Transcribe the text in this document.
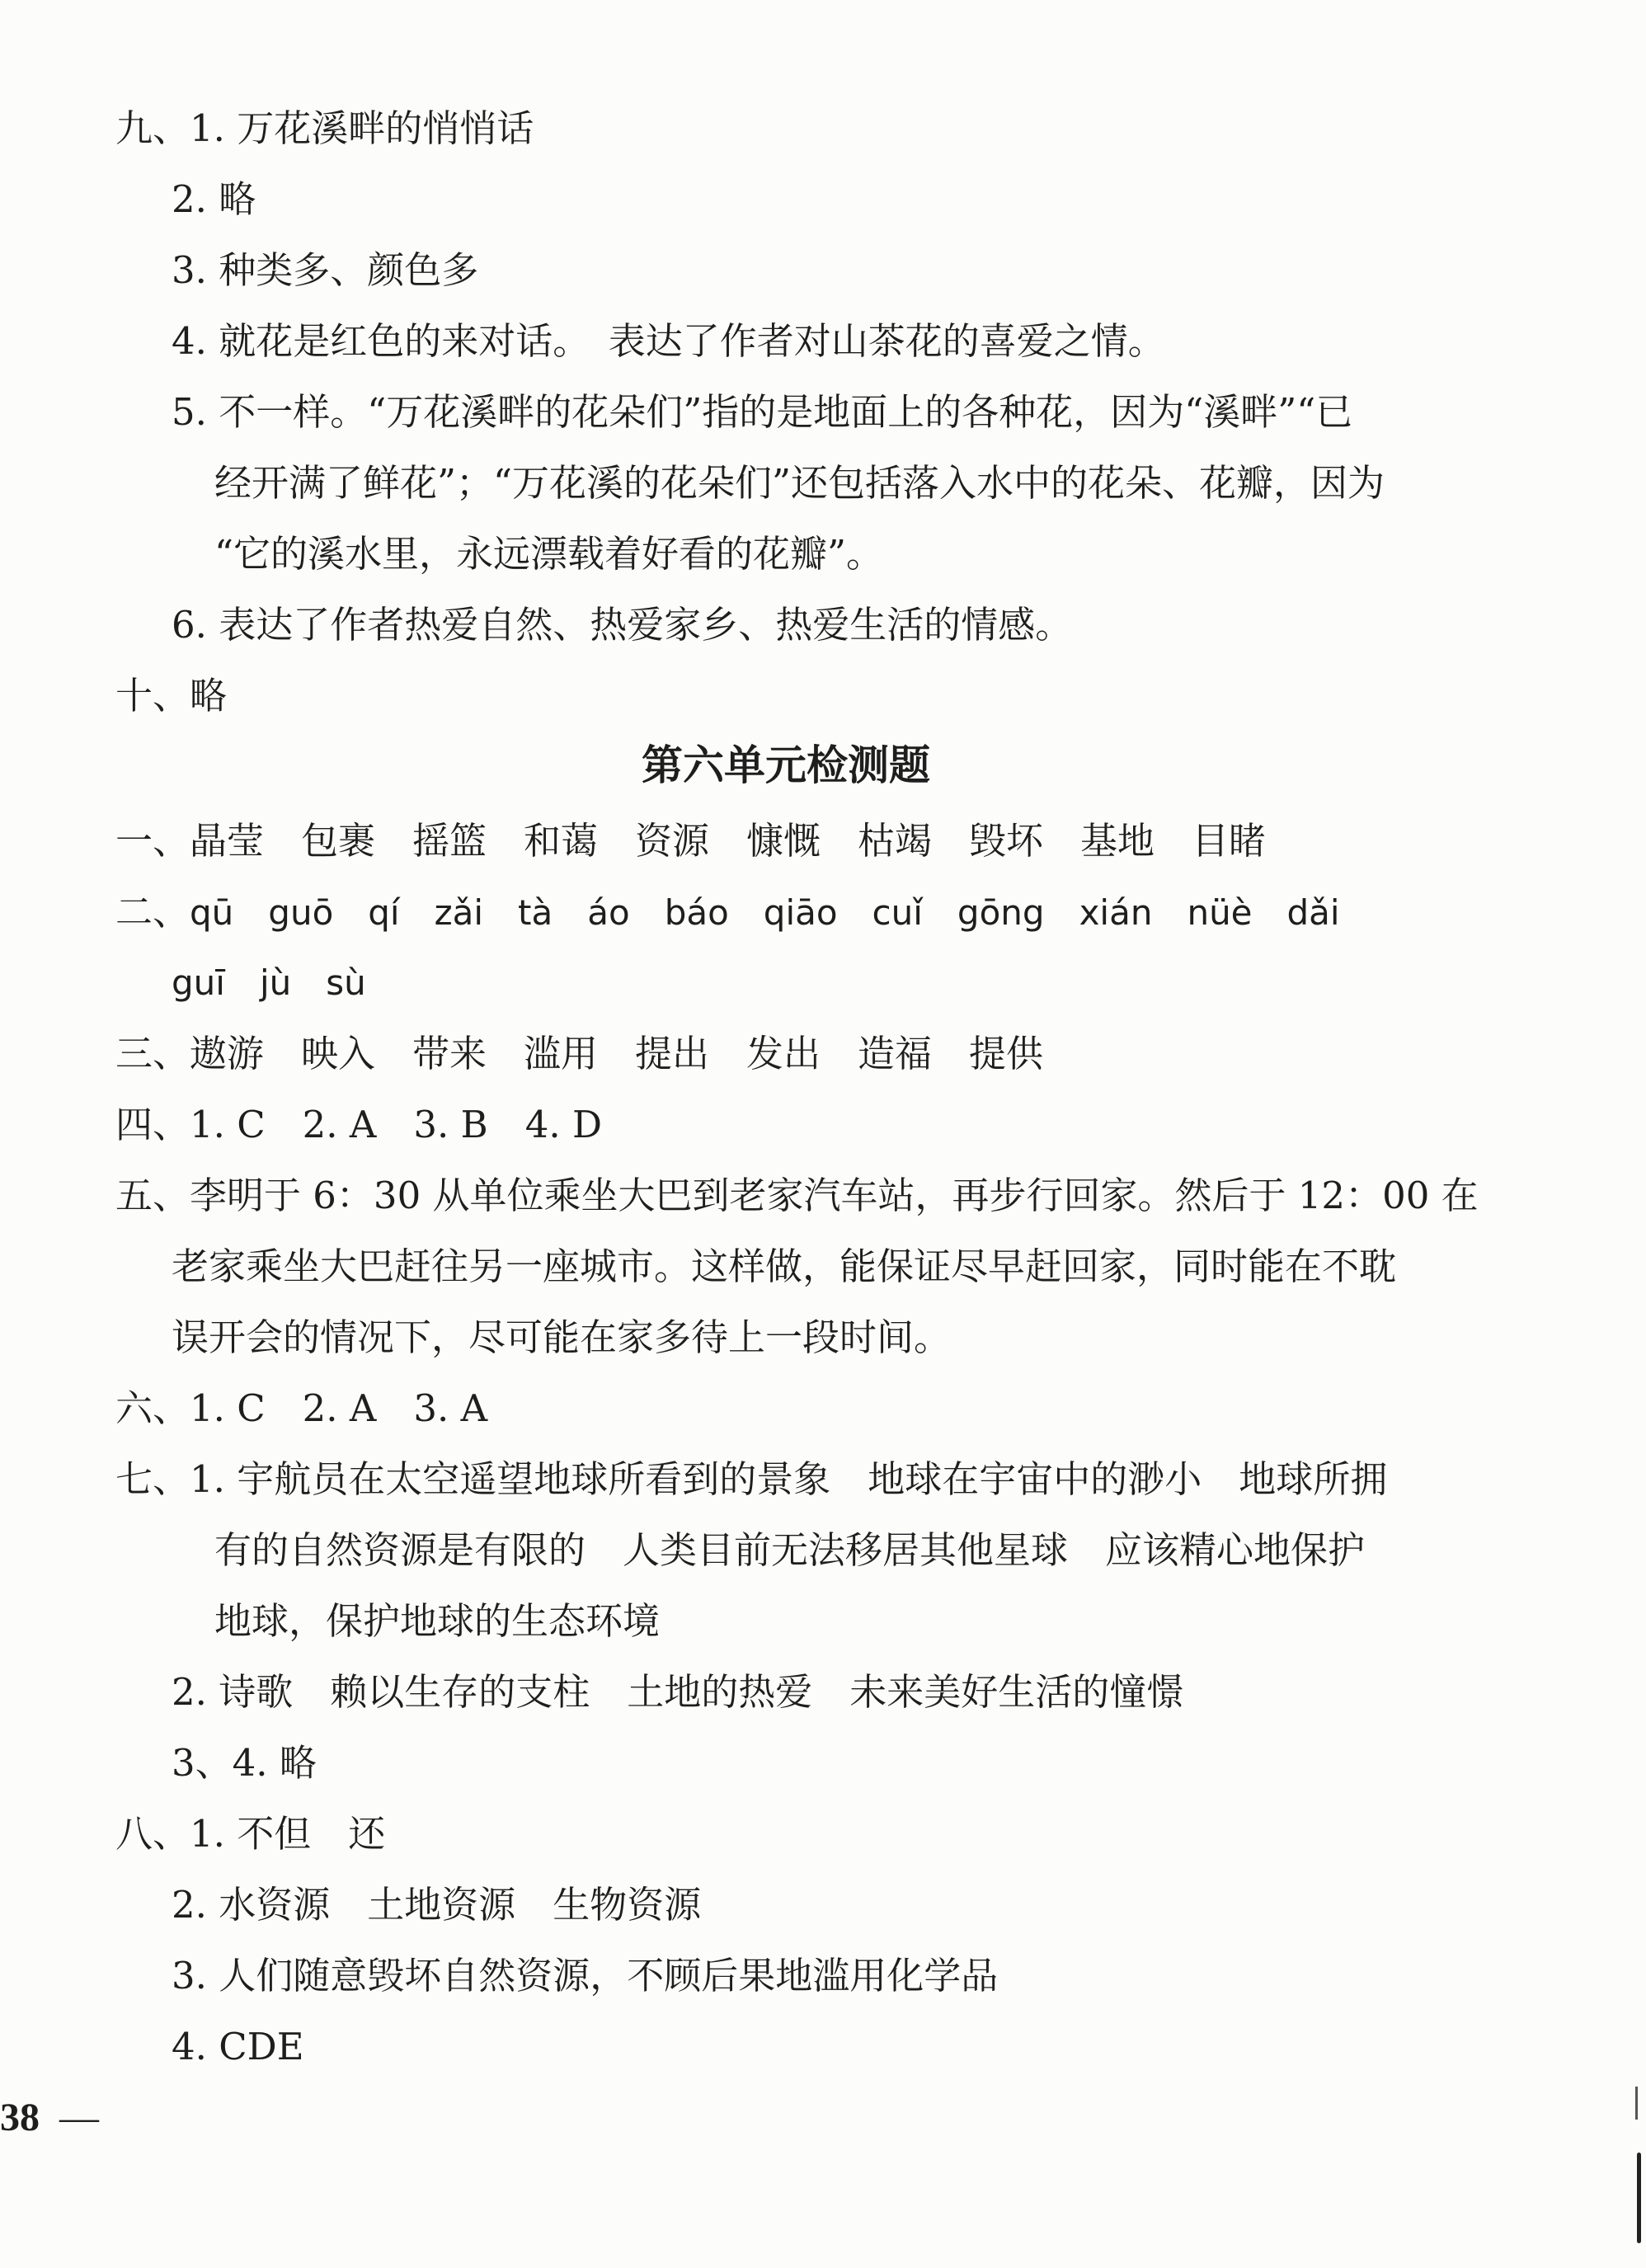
九、1. 万花溪畔的悄悄话
2. 略
3. 种类多、颜色多
4. 就花是红色的来对话。　表达了作者对山茶花的喜爱之情。
5. 不一样。“万花溪畔的花朵们”指的是地面上的各种花，因为“溪畔”“已
经开满了鲜花”；“万花溪的花朵们”还包括落入水中的花朵、花瓣，因为
“它的溪水里，永远漂载着好看的花瓣”。
6. 表达了作者热爱自然、热爱家乡、热爱生活的情感。
十、略
第六单元检测题
一、晶莹　包裹　摇篮　和蔼　资源　慷慨　枯竭　毁坏　基地　目睹
二、qū　guō　qí　zǎi　tà　áo　báo　qiāo　cuǐ　gōng　xián　nüè　dǎi
guī　jù　sù
三、遨游　映入　带来　滥用　提出　发出　造福　提供
四、1. C　2. A　3. B　4. D
五、李明于 6：30 从单位乘坐大巴到老家汽车站，再步行回家。然后于 12：00 在
老家乘坐大巴赶往另一座城市。这样做，能保证尽早赶回家，同时能在不耽
误开会的情况下，尽可能在家多待上一段时间。
六、1. C　2. A　3. A
七、1. 宇航员在太空遥望地球所看到的景象　地球在宇宙中的渺小　地球所拥
有的自然资源是有限的　人类目前无法移居其他星球　应该精心地保护
地球，保护地球的生态环境
2. 诗歌　赖以生存的支柱　土地的热爱　未来美好生活的憧憬
3、4. 略
八、1. 不但　还
2. 水资源　土地资源　生物资源
3. 人们随意毁坏自然资源，不顾后果地滥用化学品
4. CDE
38 —
